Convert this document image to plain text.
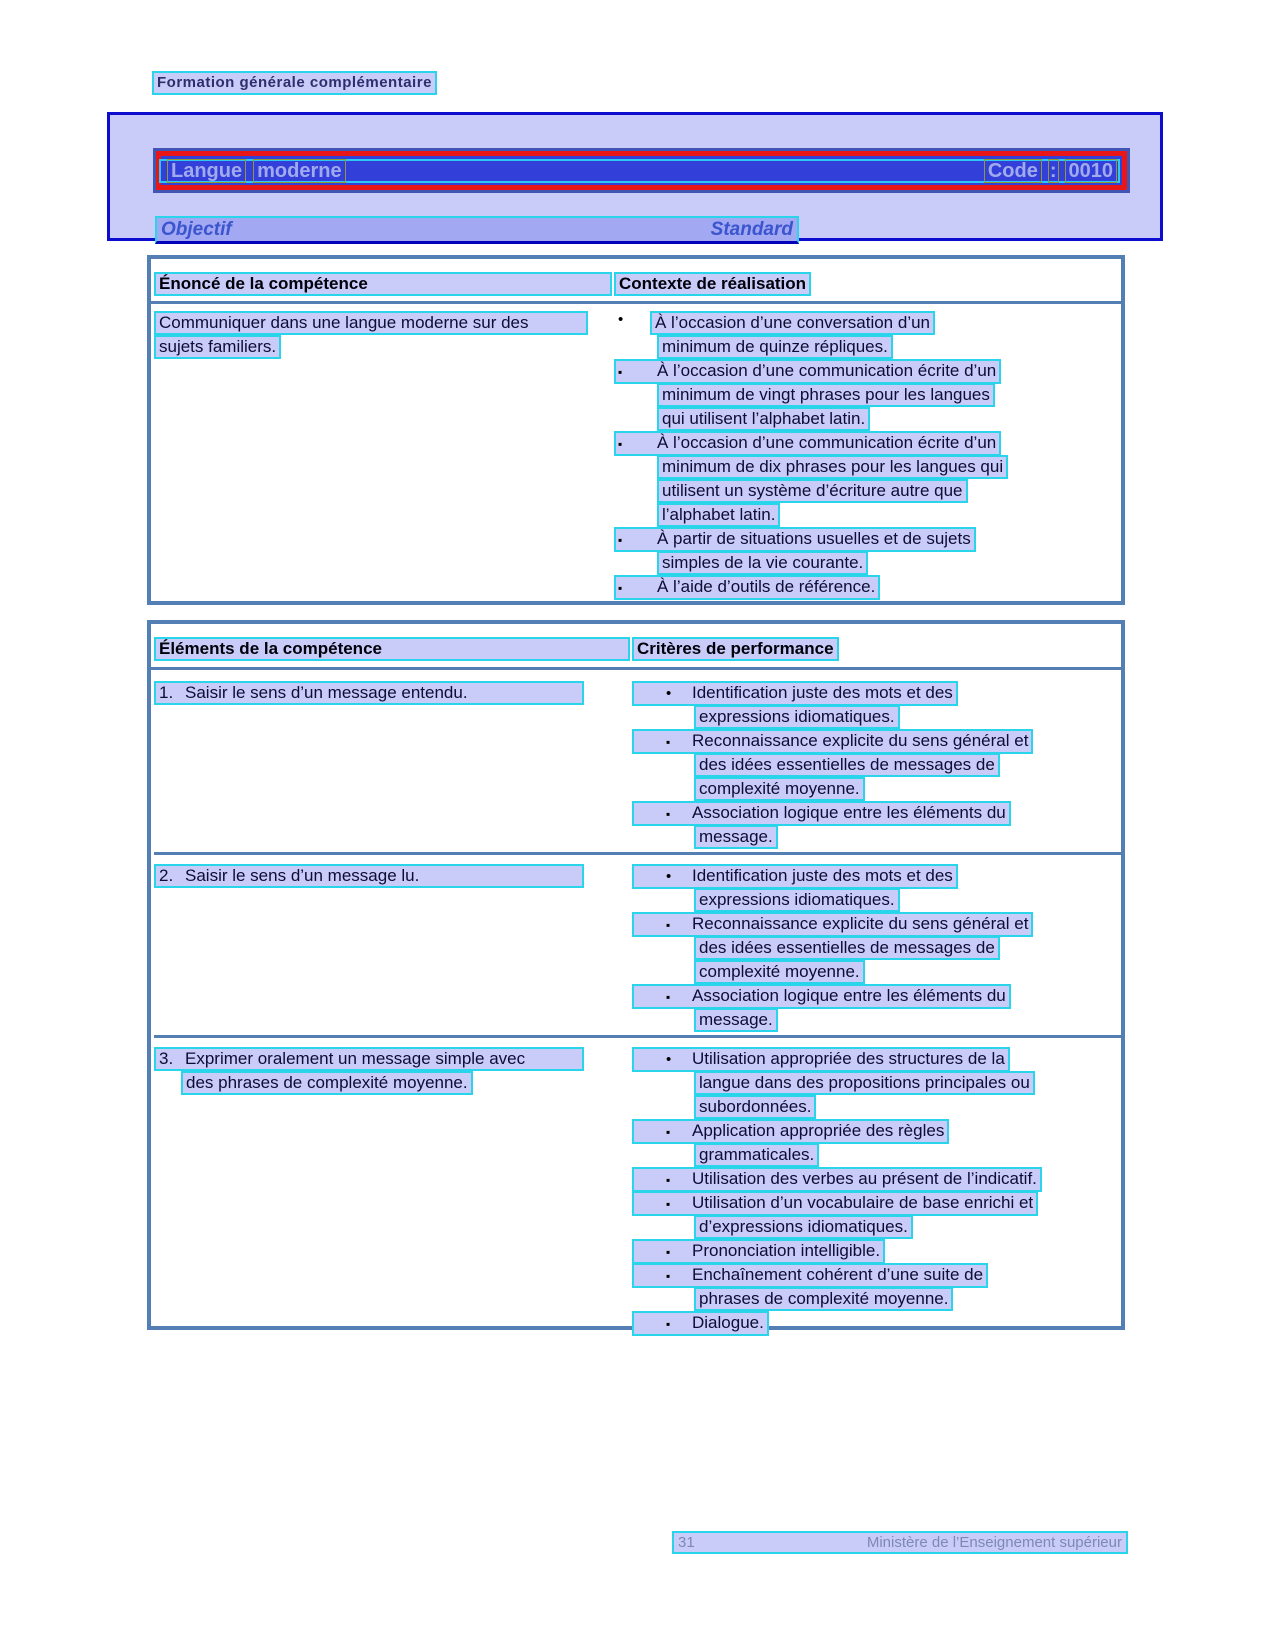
Formation générale complémentaire
Langue moderne	Code : 0010
Objectif	Standard
Énoncé de la compétence	Contexte de réalisation
Communiquer dans une langue moderne sur des
sujets familiers.
• À l’occasion d’une conversation d’un
minimum de quinze répliques.
▪ À l’occasion d’une communication écrite d’un
minimum de vingt phrases pour les langues
qui utilisent l’alphabet latin.
▪ À l’occasion d’une communication écrite d’un
minimum de dix phrases pour les langues qui
utilisent un système d’écriture autre que
l’alphabet latin.
▪ À partir de situations usuelles et de sujets
simples de la vie courante.
▪ À l’aide d’outils de référence.
Éléments de la compétence	Critères de performance
1. Saisir le sens d’un message entendu.	• Identification juste des mots et des
expressions idiomatiques.
▪ Reconnaissance explicite du sens général et
des idées essentielles de messages de
complexité moyenne.
▪ Association logique entre les éléments du
message.
2. Saisir le sens d’un message lu.	• Identification juste des mots et des
expressions idiomatiques.
▪ Reconnaissance explicite du sens général et
des idées essentielles de messages de
complexité moyenne.
▪ Association logique entre les éléments du
message.
3. Exprimer oralement un message simple avec
des phrases de complexité moyenne.
• Utilisation appropriée des structures de la
langue dans des propositions principales ou
subordonnées.
▪ Application appropriée des règles
grammaticales.
▪ Utilisation des verbes au présent de l’indicatif.
▪ Utilisation d’un vocabulaire de base enrichi et
d’expressions idiomatiques.
▪ Prononciation intelligible.
▪ Enchaînement cohérent d’une suite de
phrases de complexité moyenne.
▪ Dialogue.
31	Ministère de l’Enseignement supérieur
